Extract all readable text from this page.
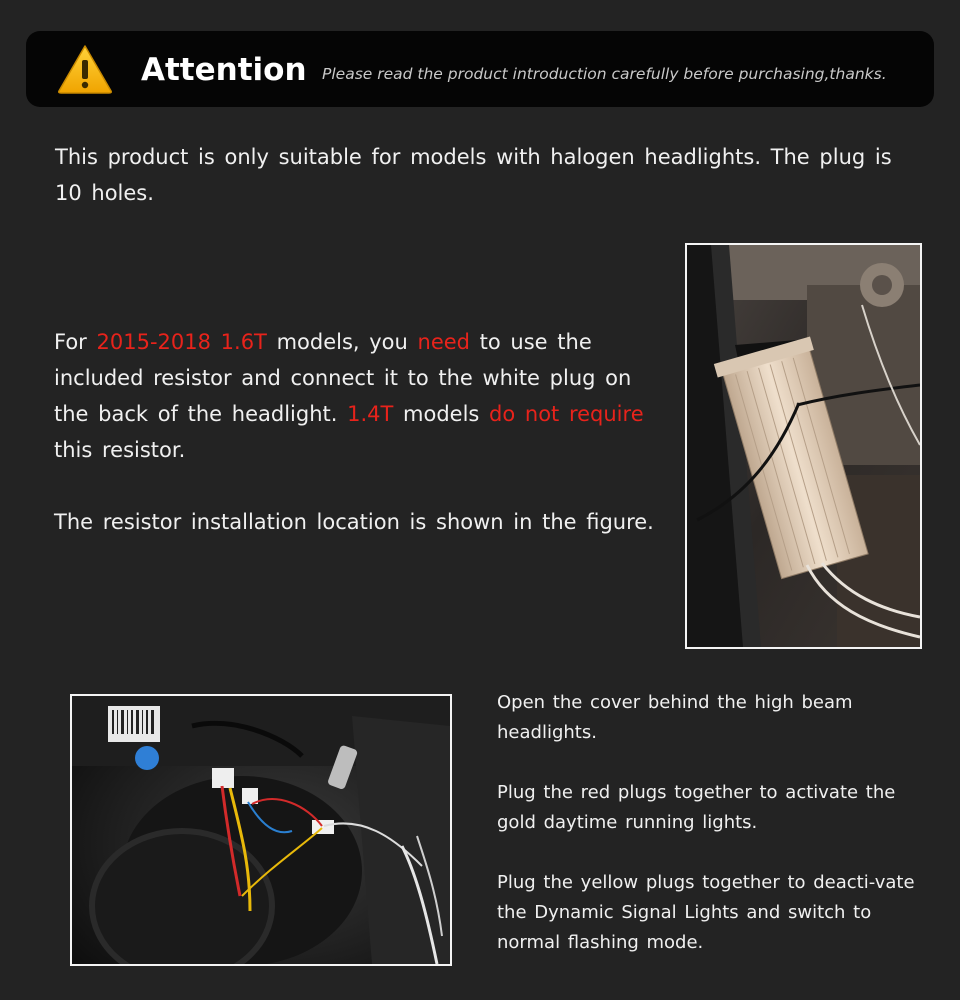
Attention Please read the product introduction carefully before purchasing,thanks.

This product is only suitable for models with halogen headlights. The plug is 10 holes.

For 2015-2018 1.6T models, you need to use the included resistor and connect it to the white plug on the back of the headlight. 1.4T models do not require this resistor.

The resistor installation location is shown in the figure.

Open the cover behind the high beam headlights.

Plug the red plugs together to activate the gold daytime running lights.

Plug the yellow plugs together to deacti-vate the Dynamic Signal Lights and switch to normal flashing mode.
